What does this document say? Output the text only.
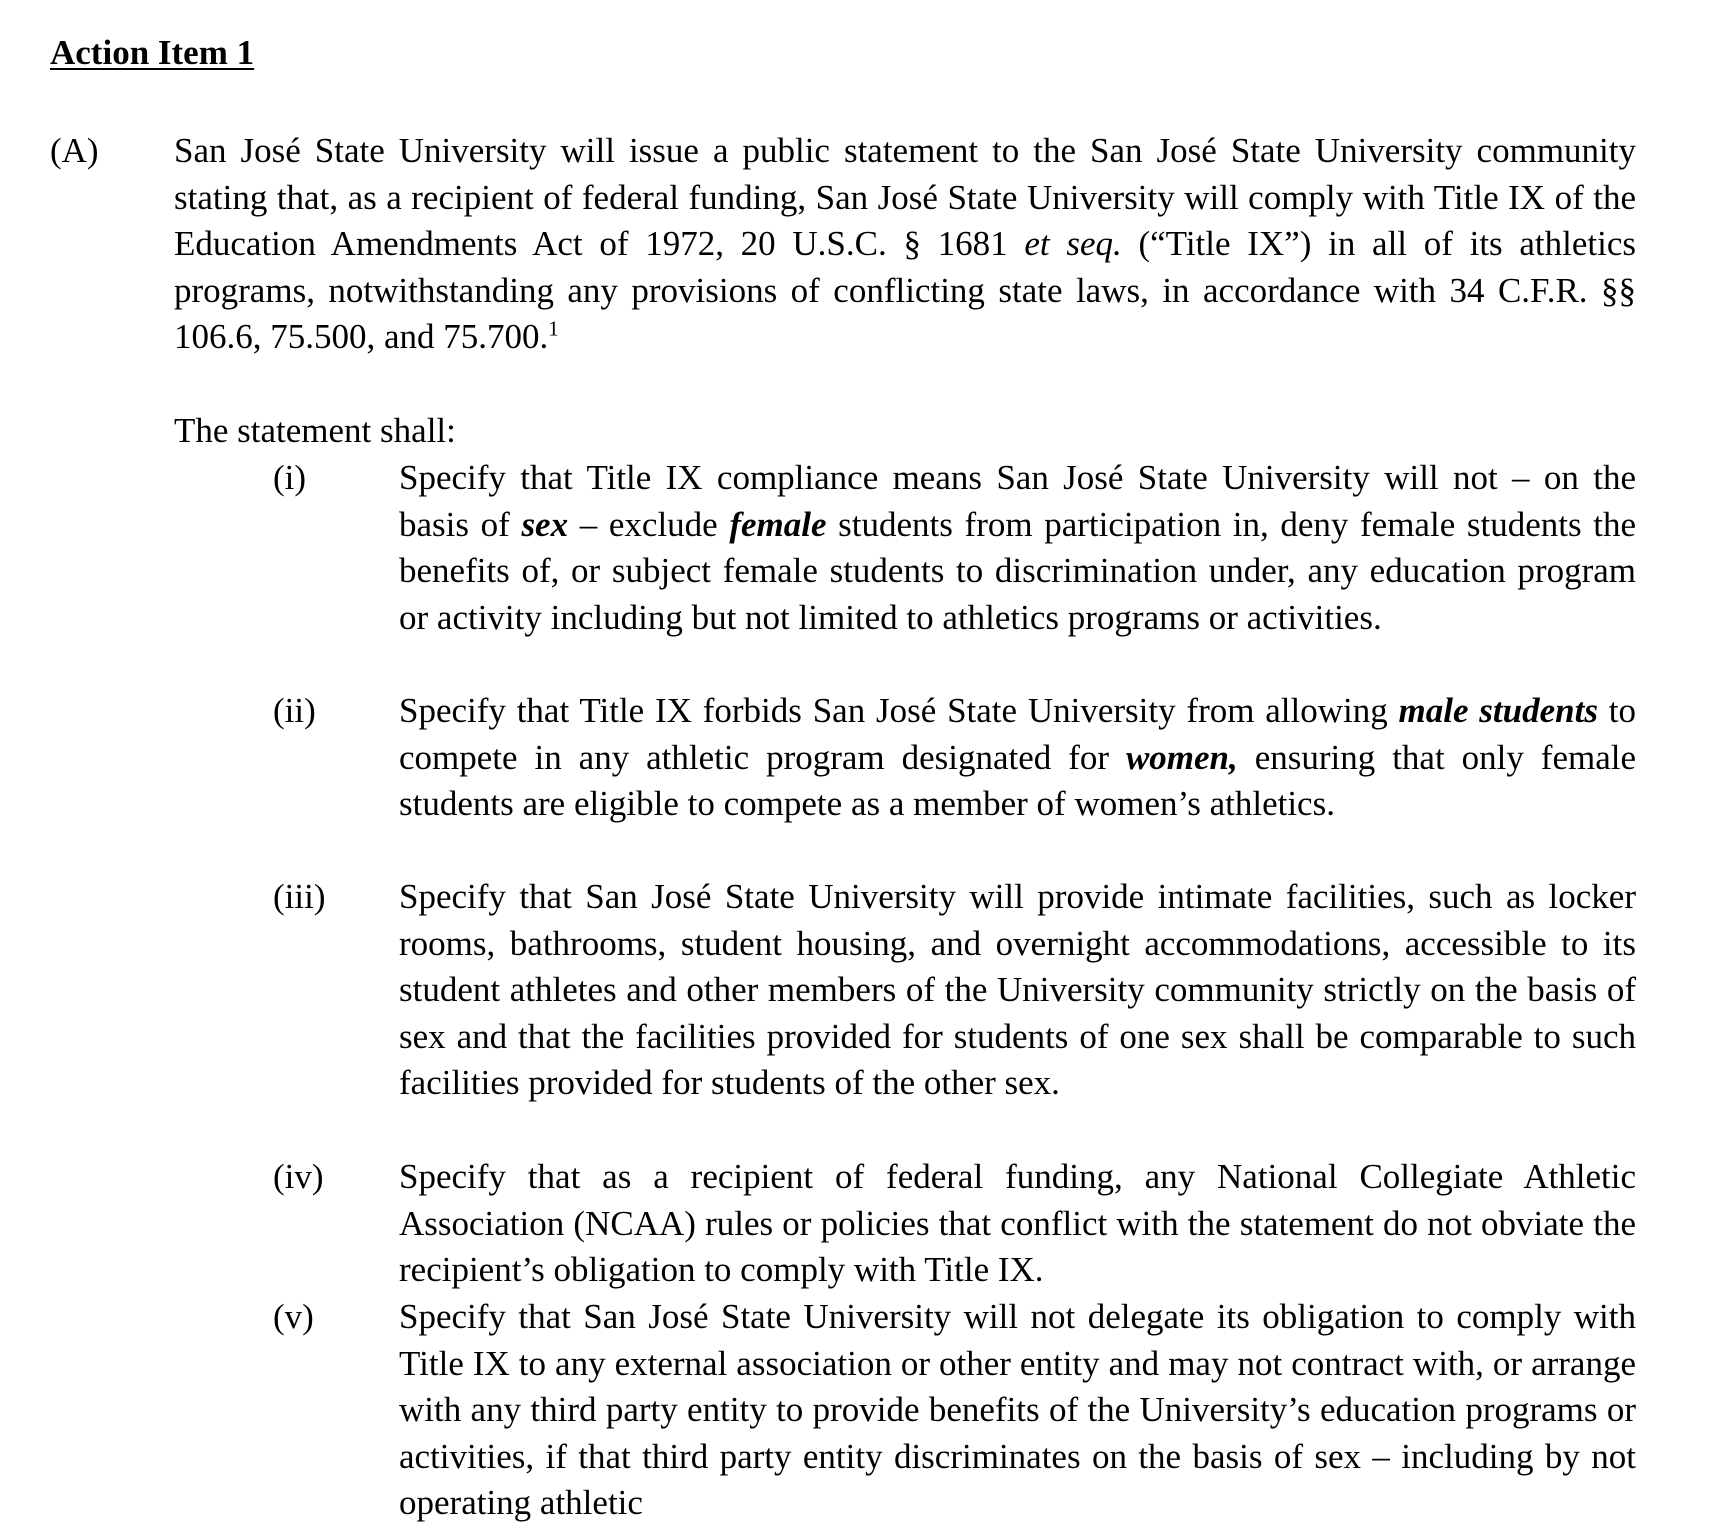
Action Item 1
(A) San José State University will issue a public statement to the San José State University community stating that, as a recipient of federal funding, San José State University will comply with Title IX of the Education Amendments Act of 1972, 20 U.S.C. § 1681 et seq. (“Title IX”) in all of its athletics programs, notwithstanding any provisions of conflicting state laws, in accordance with 34 C.F.R. §§ 106.6, 75.500, and 75.700.$^1$

The statement shall:
(i)	Specify that Title IX compliance means San José State University will not – on the basis of sex – exclude female students from participation in, deny female students the benefits of, or subject female students to discrimination under, any education program or activity including but not limited to athletics programs or activities.

(ii) Specify that Title IX forbids San José State University from allowing male students to compete in any athletic program designated for women, ensuring that only female students are eligible to compete as a member of women’s athletics.

(iii) Specify that San José State University will provide intimate facilities, such as locker rooms, bathrooms, student housing, and overnight accommodations, accessible to its student athletes and other members of the University community strictly on the basis of sex and that the facilities provided for students of one sex shall be comparable to such facilities provided for students of the other sex.

(iv) Specify that as a recipient of federal funding, any National Collegiate Athletic Association (NCAA) rules or policies that conflict with the statement do not obviate the recipient’s obligation to comply with Title IX.

(v) Specify that San José State University will not delegate its obligation to comply with Title IX to any external association or other entity and may not contract with, or arrange with any third party entity to provide benefits of the University’s education programs or activities, if that third party entity discriminates on the basis of sex – including by not operating athletic
